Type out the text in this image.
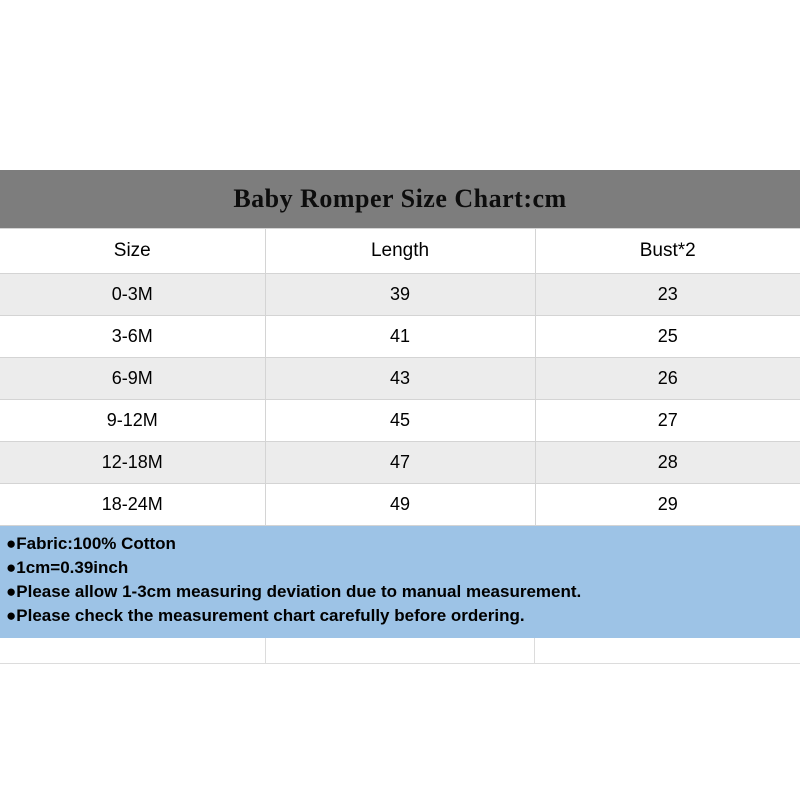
Baby Romper Size Chart:cm
Size	Length	Bust*2
0-3M	39	23
3-6M	41	25
6-9M	43	26
9-12M	45	27
12-18M	47	28
18-24M	49	29
●Fabric:100% Cotton
●1cm=0.39inch
●Please allow 1-3cm measuring deviation due to manual measurement.
●Please check the measurement chart carefully before ordering.
